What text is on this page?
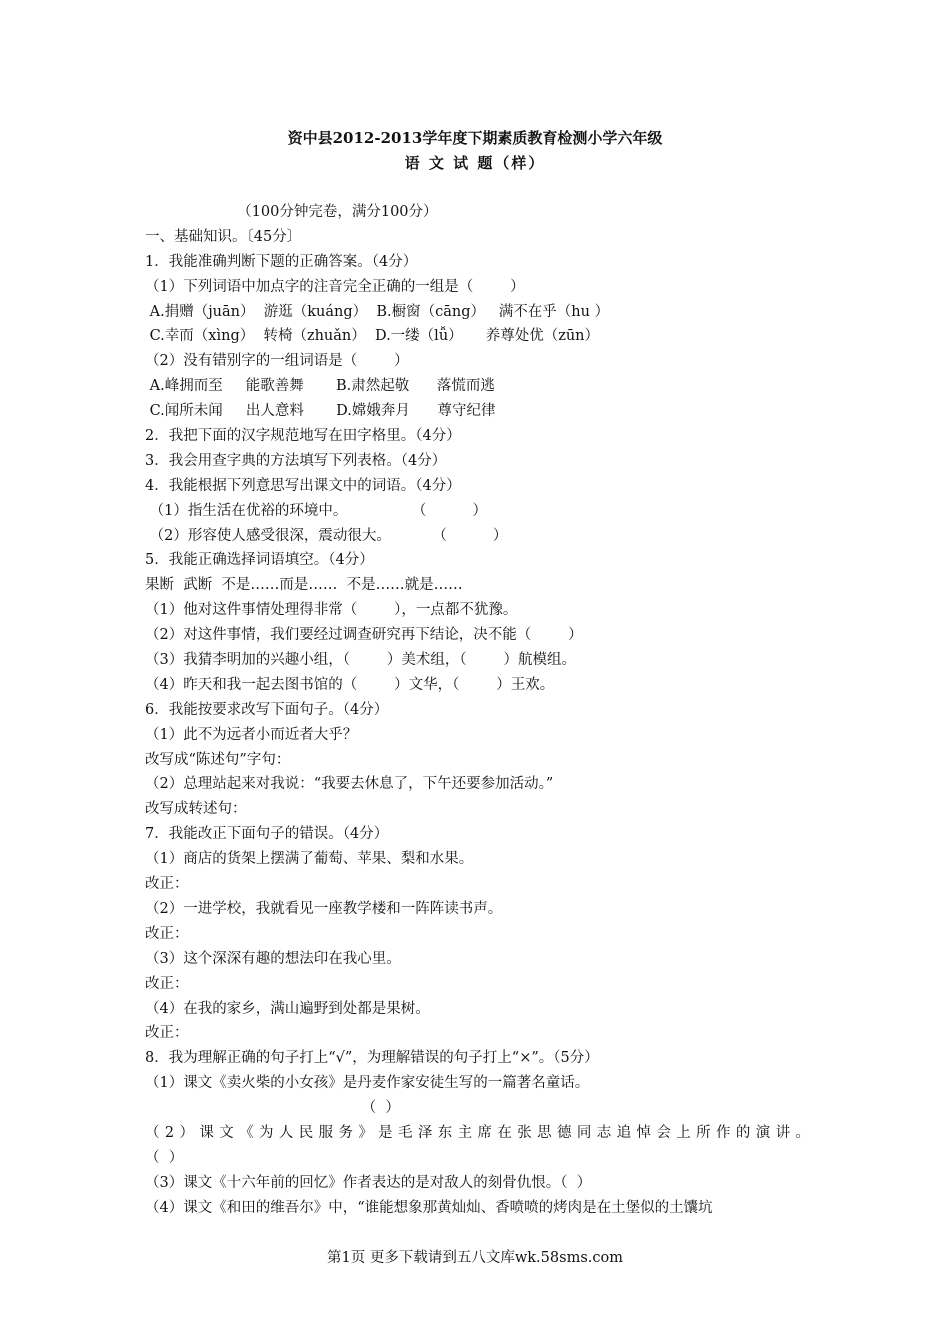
资中县2012-2013学年度下期素质教育检测小学六年级
语 文 试 题（样）
（100分钟完卷，满分100分）
一、基础知识。〔45分〕
1．我能准确判断下题的正确答案。（4分）
（1）下列词语中加点字的注音完全正确的一组是（        ）
A.捐赠（juān）  游逛（kuáng）  B.橱窗（cāng）   满不在乎（hu ）
C.幸而（xìng）  转椅（zhuǎn）  D.一缕（lǚ）     养尊处优（zūn）
（2）没有错别字的一组词语是（        ）
A.峰拥而至     能歌善舞       B.肃然起敬      落慌而逃
C.闻所未闻     出人意料       D.嫦娥奔月      尊守纪律
2．我把下面的汉字规范地写在田字格里。（4分）
3．我会用查字典的方法填写下列表格。（4分）
4．我能根据下列意思写出课文中的词语。（4分）
（1）指生活在优裕的环境中。              （          ）
（2）形容使人感受很深，震动很大。         （          ）
5．我能正确选择词语填空。（4分）
果断  武断  不是……而是……  不是……就是……
（1）他对这件事情处理得非常（        ），一点都不犹豫。
（2）对这件事情，我们要经过调查研究再下结论，决不能（        ）
（3）我猜李明加的兴趣小组，（        ）美术组，（        ）航模组。
（4）昨天和我一起去图书馆的（        ）文华，（        ）王欢。
6．我能按要求改写下面句子。（4分）
（1）此不为远者小而近者大乎？
改写成“陈述句”字句：
（2）总理站起来对我说：“我要去休息了，下午还要参加活动。”
改写成转述句：
7．我能改正下面句子的错误。（4分）
（1）商店的货架上摆满了葡萄、苹果、梨和水果。
改正：
（2）一进学校，我就看见一座教学楼和一阵阵读书声。
改正：
（3）这个深深有趣的想法印在我心里。
改正：
（4）在我的家乡，满山遍野到处都是果树。
改正：
8．我为理解正确的句子打上“√”，为理解错误的句子打上“×”。（5分）
（1）课文《卖火柴的小女孩》是丹麦作家安徒生写的一篇著名童话。
（  ）
（2）课文《为人民服务》是毛泽东主席在张思德同志追悼会上所作的演讲。
（  ）
（3）课文《十六年前的回忆》作者表达的是对敌人的刻骨仇恨。（  ）
（4）课文《和田的维吾尔》中，“谁能想象那黄灿灿、香喷喷的烤肉是在土堡似的土馕坑
第1页 更多下载请到五八文库wk.58sms.com
